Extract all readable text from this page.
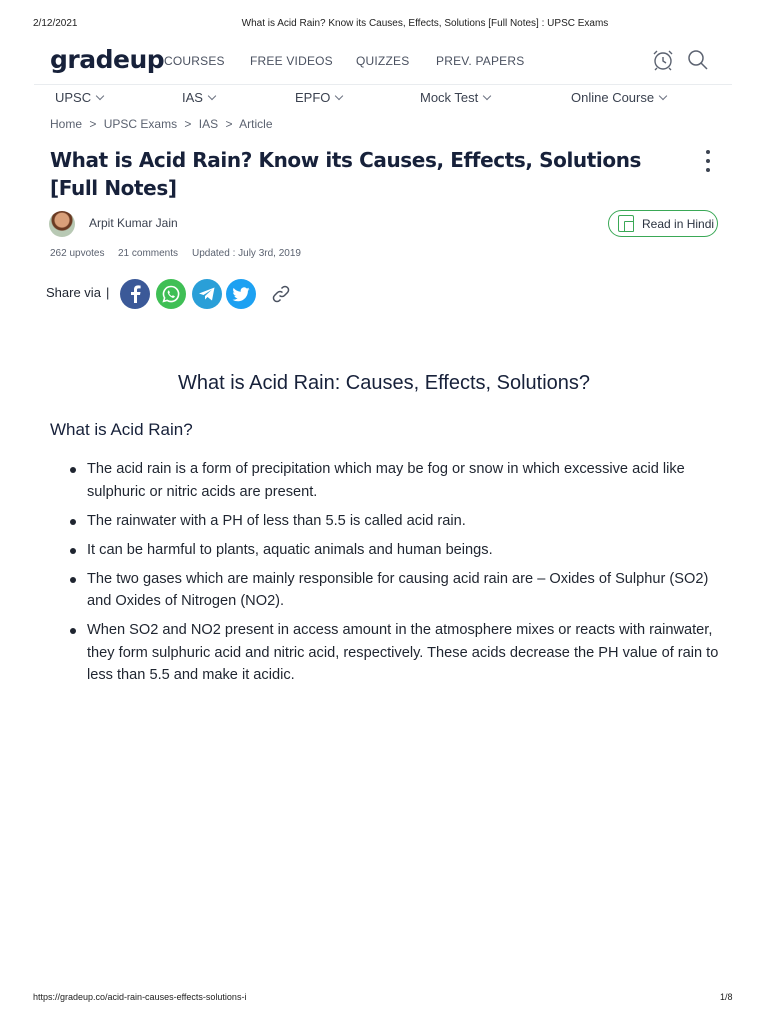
2/12/2021	What is Acid Rain? Know its Causes, Effects, Solutions [Full Notes] : UPSC Exams
https://gradeup.co/acid-rain-causes-effects-solutions-i	1/8
gradeup COURSES FREE VIDEOS QUIZZES PREV. PAPERS
UPSC	IAS	EPFO	Mock Test	Online Course
Home > UPSC Exams > IAS > Article
What is Acid Rain? Know its Causes, Effects, Solutions [Full Notes]
Arpit Kumar Jain	Read in Hindi
262 upvotes 21 comments Updated : July 3rd, 2019
Share via |
What is Acid Rain: Causes, Effects, Solutions?
What is Acid Rain?
The acid rain is a form of precipitation which may be fog or snow in which excessive acid like sulphuric or nitric acids are present.
The rainwater with a PH of less than 5.5 is called acid rain.
It can be harmful to plants, aquatic animals and human beings.
The two gases which are mainly responsible for causing acid rain are – Oxides of Sulphur (SO2) and Oxides of Nitrogen (NO2).
When SO2 and NO2 present in access amount in the atmosphere mixes or reacts with rainwater, they form sulphuric acid and nitric acid, respectively. These acids decrease the PH value of rain to less than 5.5 and make it acidic.
